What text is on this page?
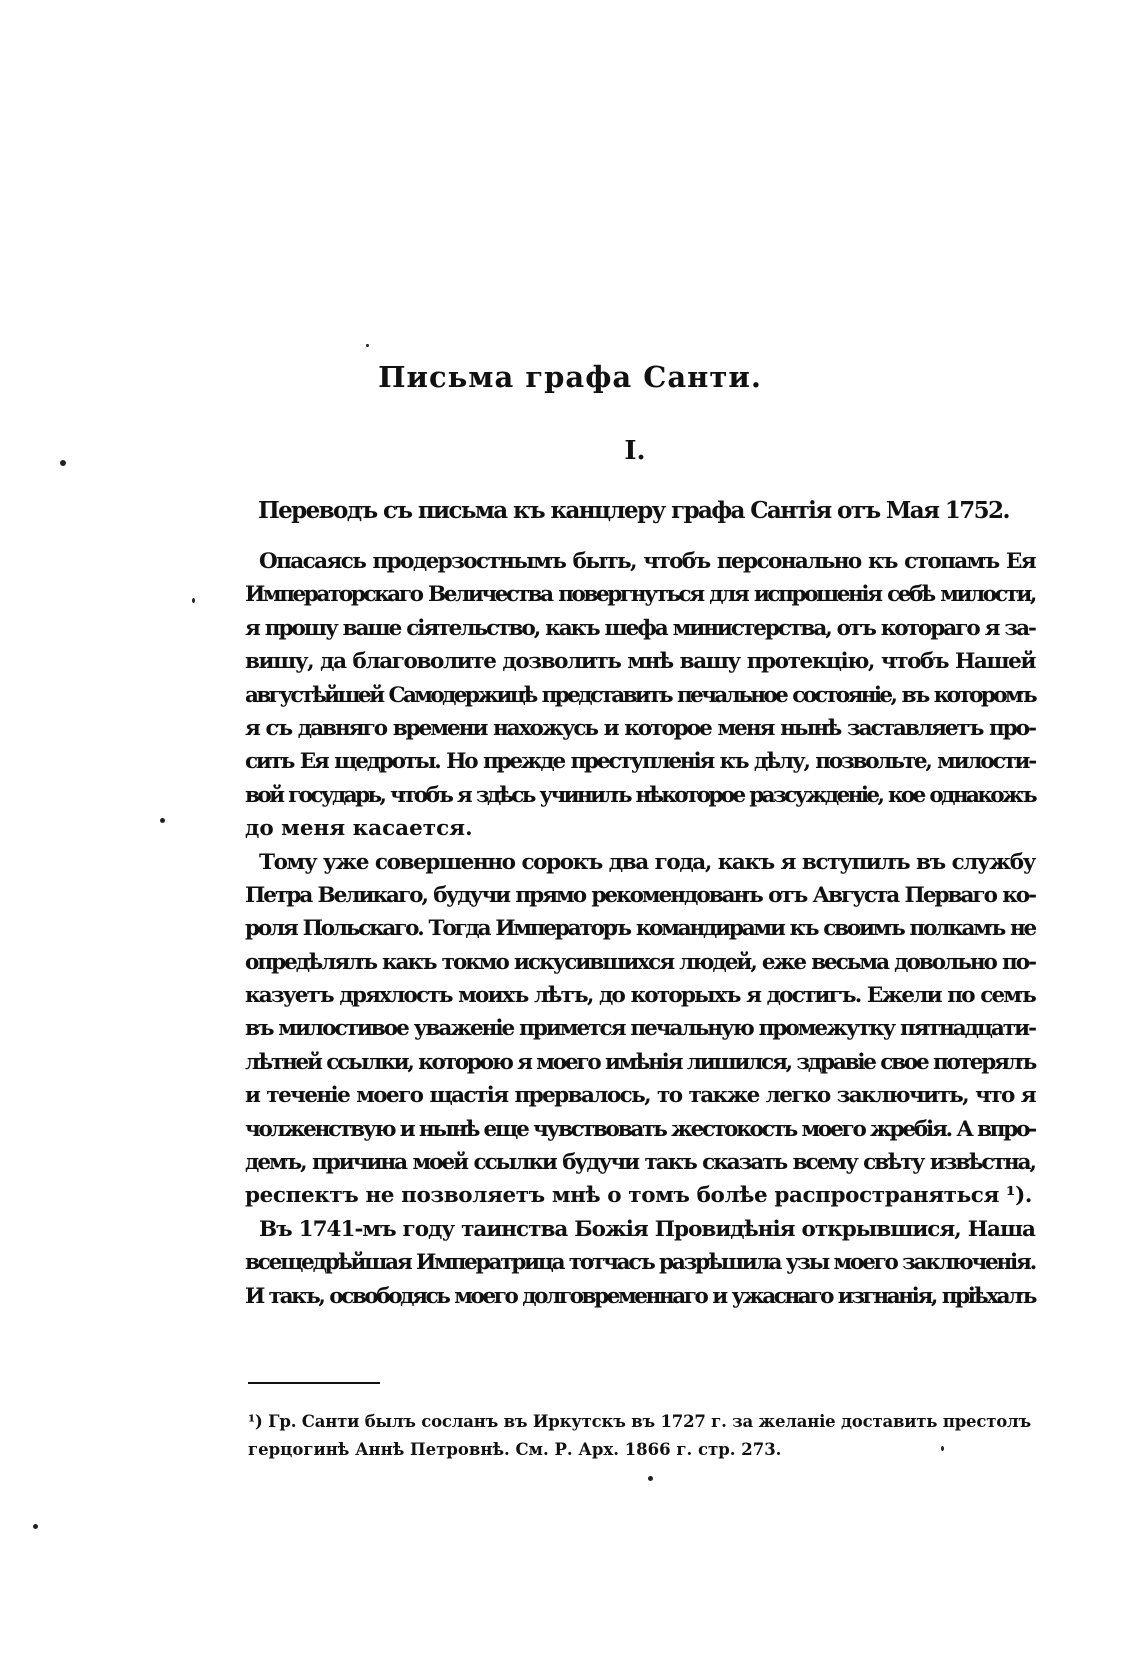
Письма графа Санти.
I.
Переводъ съ письма къ канцлеру графа Сантія отъ Мая 1752.
Опасаясь продерзостнымъ быть, чтобъ персонально къ стопамъ Ея
Императорскаго Величества повергнуться для испрошенія себѣ милости,
я прошу ваше сіятельство, какъ шефа министерства, отъ котораго я за-
вишу, да благоволите дозволить мнѣ вашу протекцію, чтобъ Нашей
августѣйшей Самодержицѣ представить печальное состояніе, въ которомъ
я съ давняго времени нахожусь и которое меня нынѣ заставляетъ про-
сить Ея щедроты. Но прежде преступленія къ дѣлу, позвольте, милости-
вой государь, чтобъ я здѣсь учинилъ нѣкоторое разсужденіе, кое однакожъ
до меня касается.
Тому уже совершенно сорокъ два года, какъ я вступилъ въ службу
Петра Великаго, будучи прямо рекомендованъ отъ Августа Перваго ко-
роля Польскаго. Тогда Императоръ командирами къ своимъ полкамъ не
опредѣлялъ какъ токмо искусившихся людей, еже весьма довольно по-
казуетъ дряхлость моихъ лѣтъ, до которыхъ я достигъ. Ежели по семъ
въ милостивое уваженіе примется печальную промежутку пятнадцати-
лѣтней ссылки, которою я моего имѣнія лишился, здравіе свое потерялъ
и теченіе моего щастія прервалось, то также легко заключить, что я
чолженствую и нынѣ еще чувствовать жестокость моего жребія. А впро-
демъ, причина моей ссылки будучи такъ сказать всему свѣту извѣстна,
респектъ не позволяетъ мнѣ о томъ болѣе распространяться ¹).
Въ 1741-мъ году таинства Божія Провидѣнія открывшися, Наша
всещедрѣйшая Императрица тотчасъ разрѣшила узы моего заключенія.
И такъ, освободясь моего долговременнаго и ужаснаго изгнанія, пріѣхалъ
¹) Гр. Санти былъ сосланъ въ Иркутскъ въ 1727 г. за желаніе доставить престолъ
герцогинѣ Аннѣ Петровнѣ. См. Р. Арх. 1866 г. стр. 273.
